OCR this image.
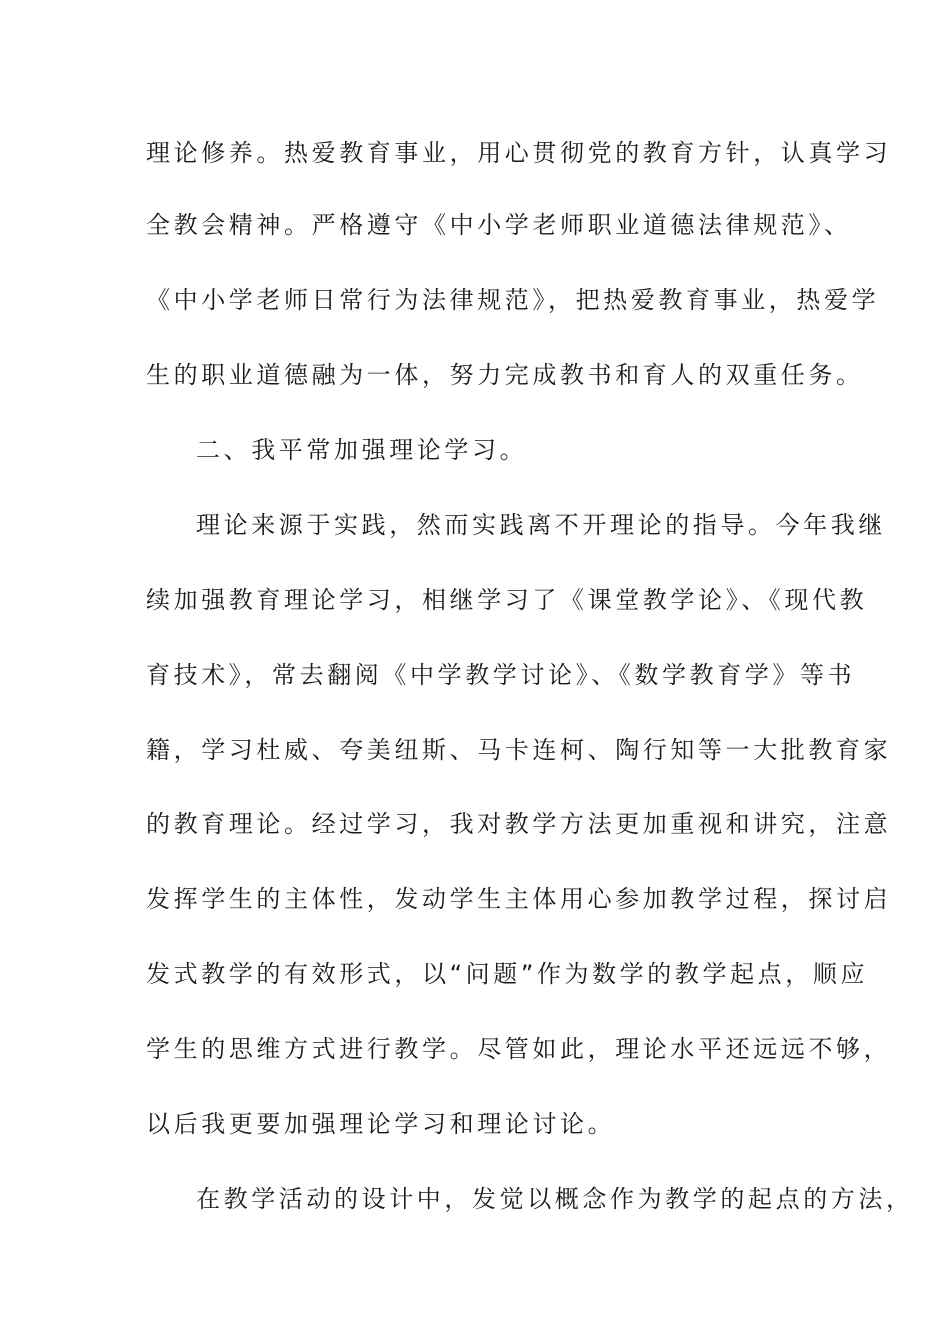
理论修养。热爱教育事业，用心贯彻党的教育方针，认真学习
全教会精神。严格遵守《中小学老师职业道德法律规范》、
《中小学老师日常行为法律规范》，把热爱教育事业，热爱学
生的职业道德融为一体，努力完成教书和育人的双重任务。
二、我平常加强理论学习。
理论来源于实践，然而实践离不开理论的指导。今年我继
续加强教育理论学习，相继学习了《课堂教学论》、《现代教
育技术》，常去翻阅《中学教学讨论》、《数学教育学》等书
籍，学习杜威、夸美纽斯、马卡连柯、陶行知等一大批教育家
的教育理论。经过学习，我对教学方法更加重视和讲究，注意
发挥学生的主体性，发动学生主体用心参加教学过程，探讨启
发式教学的有效形式，以“问题”作为数学的教学起点，顺应
学生的思维方式进行教学。尽管如此，理论水平还远远不够，
以后我更要加强理论学习和理论讨论。
在教学活动的设计中，发觉以概念作为教学的起点的方法，
